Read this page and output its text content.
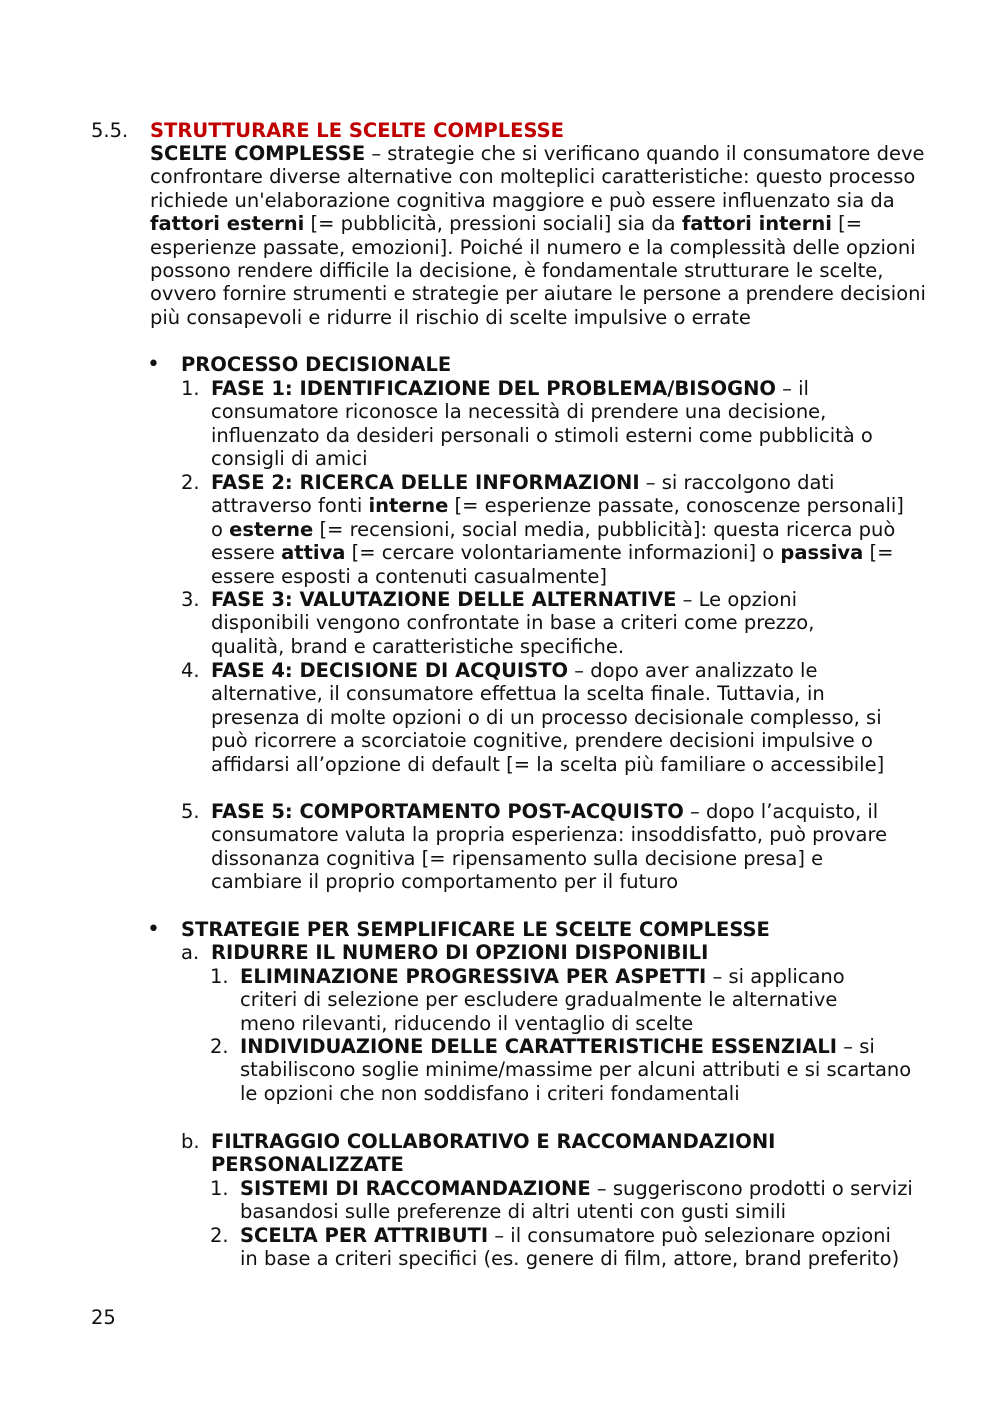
5.5. STRUTTURARE LE SCELTE COMPLESSE

SCELTE COMPLESSE – strategie che si verificano quando il consumatore deve confrontare diverse alternative con molteplici caratteristiche: questo processo richiede un'elaborazione cognitiva maggiore e può essere influenzato sia da fattori esterni [= pubblicità, pressioni sociali] sia da fattori interni [= esperienze passate, emozioni]. Poiché il numero e la complessità delle opzioni possono rendere difficile la decisione, è fondamentale strutturare le scelte, ovvero fornire strumenti e strategie per aiutare le persone a prendere decisioni più consapevoli e ridurre il rischio di scelte impulsive o errate

• PROCESSO DECISIONALE
1. FASE 1: IDENTIFICAZIONE DEL PROBLEMA/BISOGNO – il consumatore riconosce la necessità di prendere una decisione, influenzato da desideri personali o stimoli esterni come pubblicità o consigli di amici

2. FASE 2: RICERCA DELLE INFORMAZIONI – si raccolgono dati attraverso fonti interne [= esperienze passate, conoscenze personali] o esterne [= recensioni, social media, pubblicità]: questa ricerca può essere attiva [= cercare volontariamente informazioni] o passiva [= essere esposti a contenuti casualmente]

3. FASE 3: VALUTAZIONE DELLE ALTERNATIVE – Le opzioni disponibili vengono confrontate in base a criteri come prezzo, qualità, brand e caratteristiche specifiche.

4. FASE 4: DECISIONE DI ACQUISTO – dopo aver analizzato le alternative, il consumatore effettua la scelta finale. Tuttavia, in presenza di molte opzioni o di un processo decisionale complesso, si può ricorrere a scorciatoie cognitive, prendere decisioni impulsive o affidarsi all’opzione di default [= la scelta più familiare o accessibile]

5. FASE 5: COMPORTAMENTO POST-ACQUISTO – dopo l’acquisto, il consumatore valuta la propria esperienza: insoddisfatto, può provare dissonanza cognitiva [= ripensamento sulla decisione presa] e cambiare il proprio comportamento per il futuro

• STRATEGIE PER SEMPLIFICARE LE SCELTE COMPLESSE
a. RIDURRE IL NUMERO DI OPZIONI DISPONIBILI

1. ELIMINAZIONE PROGRESSIVA PER ASPETTI – si applicano criteri di selezione per escludere gradualmente le alternative meno rilevanti, riducendo il ventaglio di scelte

2. INDIVIDUAZIONE DELLE CARATTERISTICHE ESSENZIALI – si stabiliscono soglie minime/massime per alcuni attributi e si scartano le opzioni che non soddisfano i criteri fondamentali

b. FILTRAGGIO COLLABORATIVO E RACCOMANDAZIONI PERSONALIZZATE

1. SISTEMI DI RACCOMANDAZIONE – suggeriscono prodotti o servizi basandosi sulle preferenze di altri utenti con gusti simili

2. SCELTA PER ATTRIBUTI – il consumatore può selezionare opzioni in base a criteri specifici (es. genere di film, attore, brand preferito)

25
